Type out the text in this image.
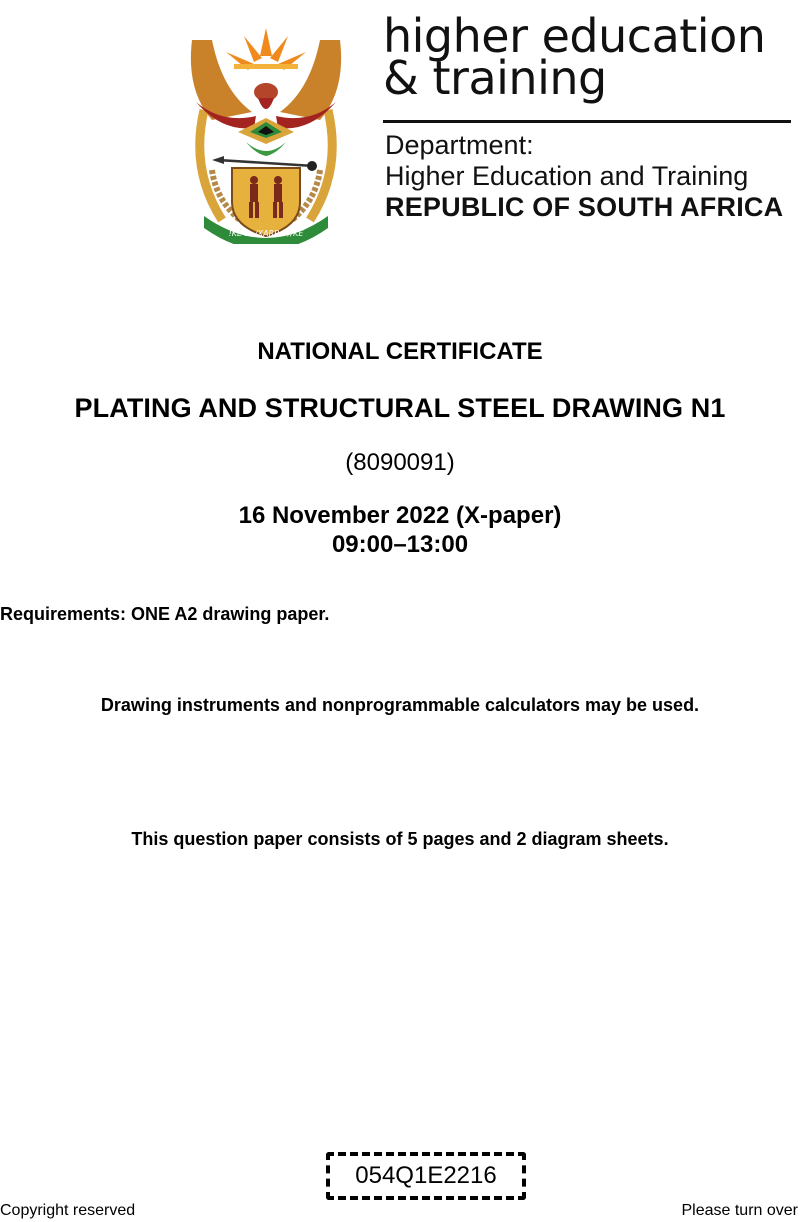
!KE E: /XARRA //KE
higher education
& training
Department:
Higher Education and Training
REPUBLIC OF SOUTH AFRICA
NATIONAL CERTIFICATE
PLATING AND STRUCTURAL STEEL DRAWING N1
(8090091)
16 November 2022 (X-paper)
09:00–13:00
Requirements: ONE A2 drawing paper.
Drawing instruments and nonprogrammable calculators may be used.
This question paper consists of 5 pages and 2 diagram sheets.
054Q1E2216
Copyright reserved	Please turn over
